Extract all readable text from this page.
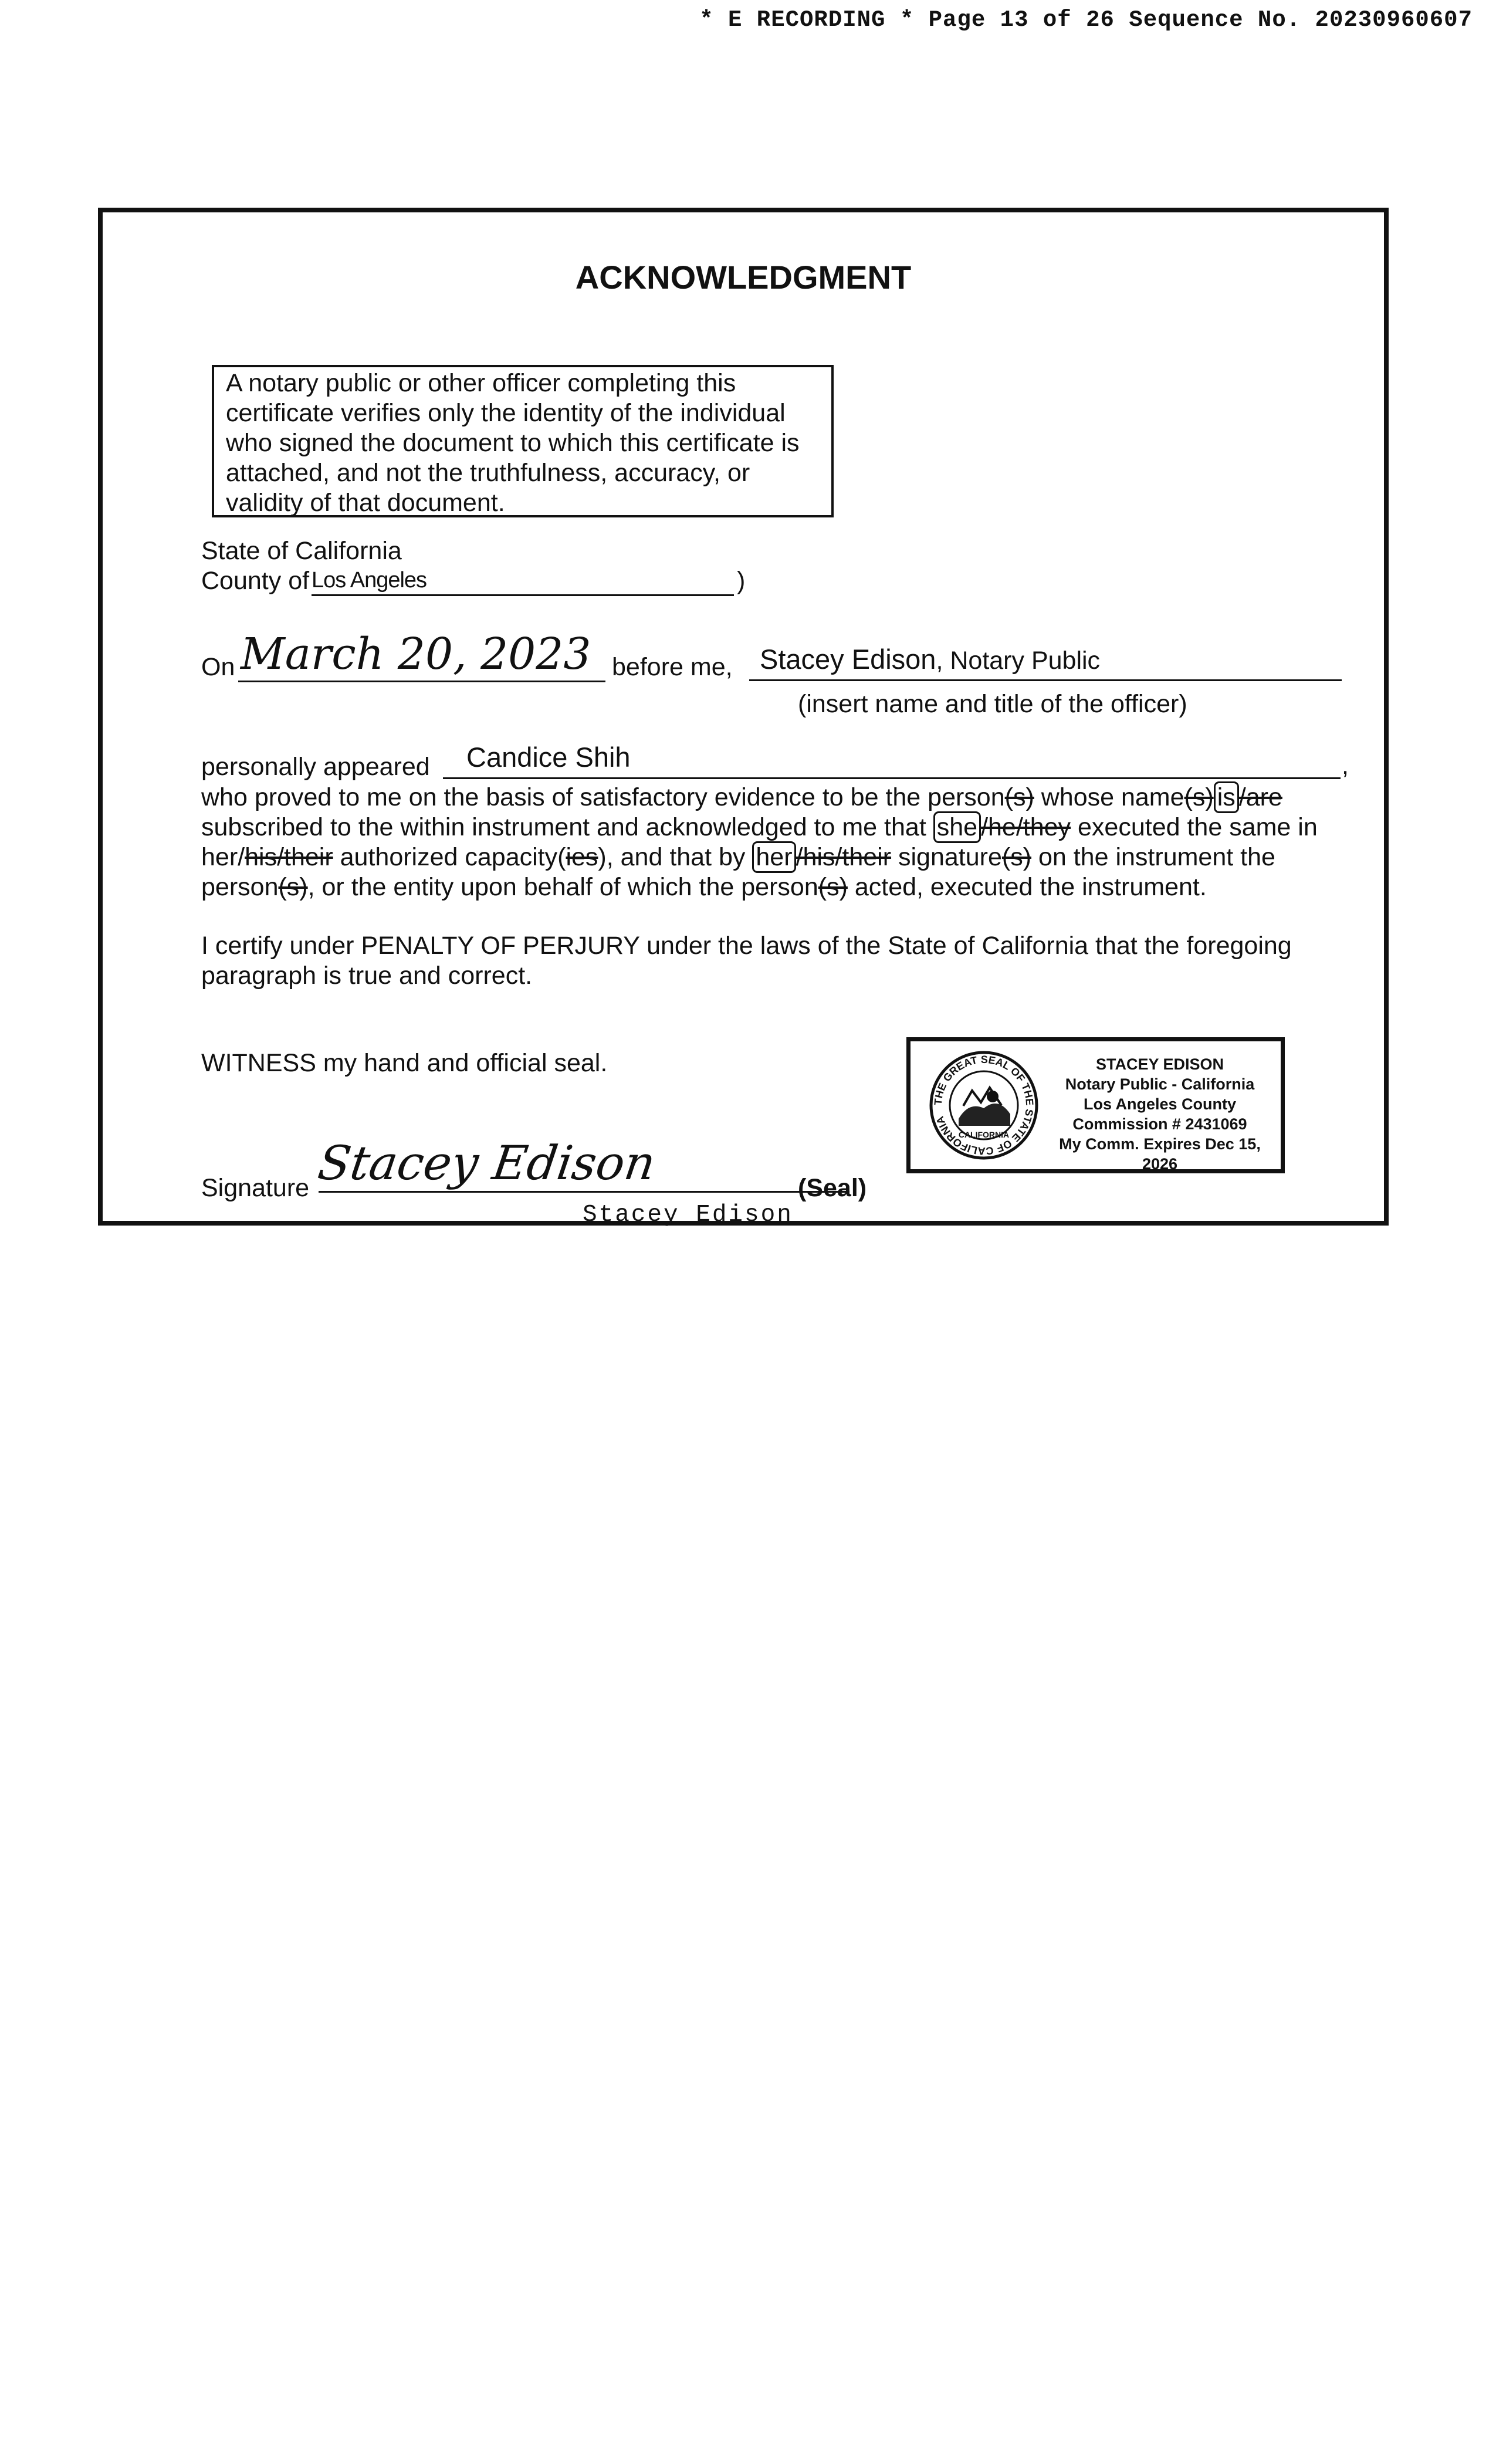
* E RECORDING * Page 13 of 26 Sequence No. 20230960607
ACKNOWLEDGMENT
A notary public or other officer completing this
certificate verifies only the identity of the individual
who signed the document to which this certificate is
attached, and not the truthfulness, accuracy, or
validity of that document.
State of California
County of Los Angeles	)
On March 20, 2023 before me, Stacey Edison, Notary Public
(insert name and title of the officer)
personally appeared Candice Shih	,
who proved to me on the basis of satisfactory evidence to be the person(s) whose name(s) is /are
subscribed to the within instrument and acknowledged to me that she /he/they executed the same in
her/his/their authorized capacity(ies), and that by her /his/their signature(s) on the instrument the
person(s), or the entity upon behalf of which the person(s) acted, executed the instrument.
I certify under PENALTY OF PERJURY under the laws of the State of California that the foregoing
paragraph is true and correct.
WITNESS my hand and official seal.
Signature Stacey Edison	(Seal)
Stacey Edison
THE GREAT SEAL OF THE STATE OF CALIFORNIA
CALIFORNIA
STACEY EDISON
Notary Public - California
Los Angeles County
Commission # 2431069
My Comm. Expires Dec 15, 2026
